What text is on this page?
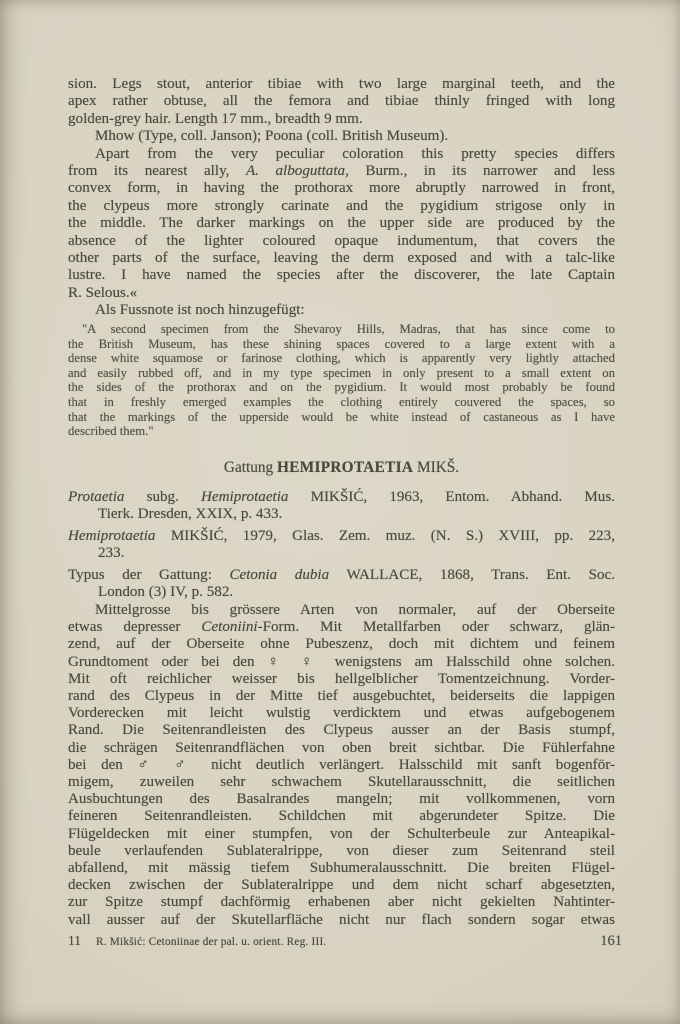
sion. Legs stout, anterior tibiae with two large marginal teeth, and the
apex rather obtuse, all the femora and tibiae thinly fringed with long
golden-grey hair. Length 17 mm., breadth 9 mm.
Mhow (Type, coll. Janson); Poona (coll. British Museum).
Apart from the very peculiar coloration this pretty species differs
from its nearest ally, A. alboguttata, Burm., in its narrower and less
convex form, in having the prothorax more abruptly narrowed in front,
the clypeus more strongly carinate and the pygidium strigose only in
the middle. The darker markings on the upper side are produced by the
absence of the lighter coloured opaque indumentum, that covers the
other parts of the surface, leaving the derm exposed and with a talc-like
lustre. I have named the species after the discoverer, the late Captain
R. Selous.«
Als Fussnote ist noch hinzugefügt:
"A second specimen from the Shevaroy Hills, Madras, that has since come to
the British Museum, has these shining spaces covered to a large extent with a
dense white squamose or farinose clothing, which is apparently very lightly attached
and easily rubbed off, and in my type specimen in only present to a small extent on
the sides of the prothorax and on the pygidium. It would most probably be found
that in freshly emerged examples the clothing entirely couvered the spaces, so
that the markings of the upperside would be white instead of castaneous as I have
described them."
Gattung HEMIPROTAETIA MIKŠ.
Protaetia subg. Hemiprotaetia MIKŠIĆ, 1963, Entom. Abhand. Mus.
Tierk. Dresden, XXIX, p. 433.
Hemiprotaetia MIKŠIĆ, 1979, Glas. Zem. muz. (N. S.) XVIII, pp. 223,
233.
Typus der Gattung: Cetonia dubia WALLACE, 1868, Trans. Ent. Soc.
London (3) IV, p. 582.
Mittelgrosse bis grössere Arten von normaler, auf der Oberseite
etwas depresser Cetoniini-Form. Mit Metallfarben oder schwarz, glän-
zend, auf der Oberseite ohne Pubeszenz, doch mit dichtem und feinem
Grundtoment oder bei den ♀ ♀ wenigstens am Halsschild ohne solchen.
Mit oft reichlicher weisser bis hellgelblicher Tomentzeichnung. Vorder-
rand des Clypeus in der Mitte tief ausgebuchtet, beiderseits die lappigen
Vorderecken mit leicht wulstig verdicktem und etwas aufgebogenem
Rand. Die Seitenrandleisten des Clypeus ausser an der Basis stumpf,
die schrägen Seitenrandflächen von oben breit sichtbar. Die Fühlerfahne
bei den ♂ ♂ nicht deutlich verlängert. Halsschild mit sanft bogenför-
migem, zuweilen sehr schwachem Skutellarausschnitt, die seitlichen
Ausbuchtungen des Basalrandes mangeln; mit vollkommenen, vorn
feineren Seitenrandleisten. Schildchen mit abgerundeter Spitze. Die
Flügeldecken mit einer stumpfen, von der Schulterbeule zur Anteapikal-
beule verlaufenden Sublateralrippe, von dieser zum Seitenrand steil
abfallend, mit mässig tiefem Subhumeralausschnitt. Die breiten Flügel-
decken zwischen der Sublateralrippe und dem nicht scharf abgesetzten,
zur Spitze stumpf dachförmig erhabenen aber nicht gekielten Nahtinter-
vall ausser auf der Skutellarfläche nicht nur flach sondern sogar etwas
11 R. Mikšić: Cetoniinae der pal. u. orient. Reg. III.	161
